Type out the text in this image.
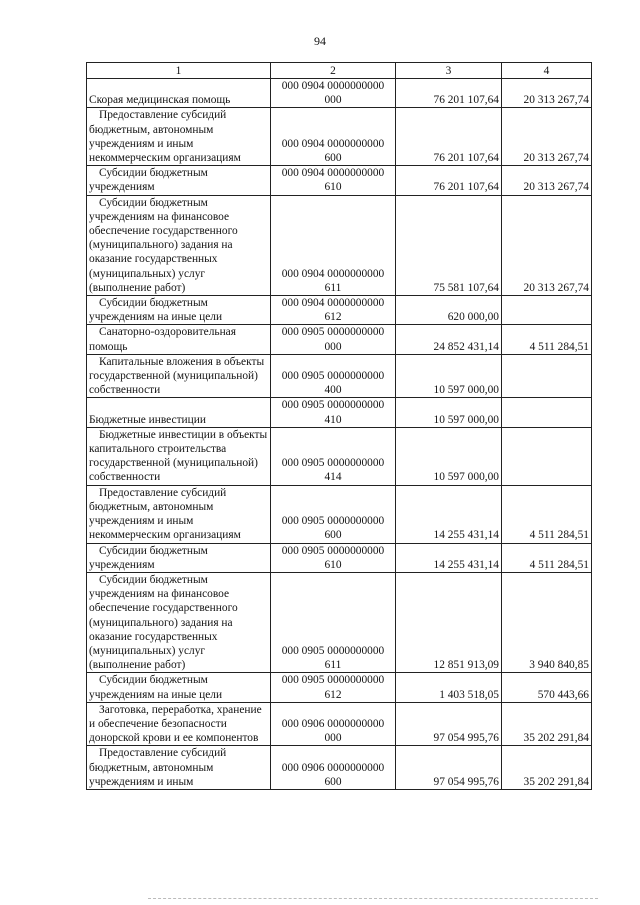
94
1	2	3	4
Скорая медицинская помощь	000 0904 0000000000 000	76 201 107,64	20 313 267,74

Предоставление субсидий бюджетным, автономным учреждениям и иным некоммерческим организациям	000 0904 0000000000 600	76 201 107,64	20 313 267,74

Субсидии бюджетным учреждениям	000 0904 0000000000 610	76 201 107,64	20 313 267,74

Субсидии бюджетным учреждениям на финансовое обеспечение государственного (муниципального) задания на оказание государственных (муниципальных) услуг (выполнение работ)	000 0904 0000000000 611	75 581 107,64	20 313 267,74

Субсидии бюджетным учреждениям на иные цели	000 0904 0000000000 612	620 000,00	

Санаторно-оздоровительная помощь	000 0905 0000000000 000	24 852 431,14	4 511 284,51

Капитальные вложения в объекты государственной (муниципальной) собственности	000 0905 0000000000 400	10 597 000,00	
Бюджетные инвестиции	000 0905 0000000000 410	10 597 000,00	

Бюджетные инвестиции в объекты капитального строительства государственной (муниципальной) собственности	000 0905 0000000000 414	10 597 000,00	

Предоставление субсидий бюджетным, автономным учреждениям и иным некоммерческим организациям	000 0905 0000000000 600	14 255 431,14	4 511 284,51

Субсидии бюджетным учреждениям	000 0905 0000000000 610	14 255 431,14	4 511 284,51

Субсидии бюджетным учреждениям на финансовое обеспечение государственного (муниципального) задания на оказание государственных (муниципальных) услуг (выполнение работ)	000 0905 0000000000 611	12 851 913,09	3 940 840,85

Субсидии бюджетным учреждениям на иные цели	000 0905 0000000000 612	1 403 518,05	570 443,66

Заготовка, переработка, хранение и обеспечение безопасности донорской крови и ее компонентов	000 0906 0000000000 000	97 054 995,76	35 202 291,84

Предоставление субсидий бюджетным, автономным учреждениям и иным	000 0906 0000000000 600	97 054 995,76	35 202 291,84
